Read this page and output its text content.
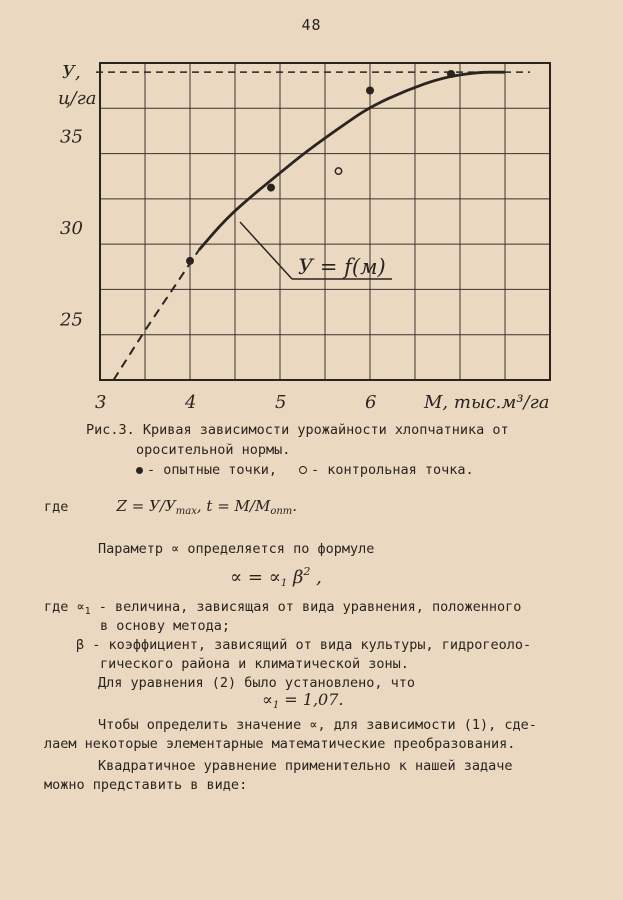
48
У = f(м)
3	4	5	6
25
30
35
У,
ц/га
М, тыс.м³/га
Рис.3. Кривая зависимости урожайности хлопчатника от

оросительной нормы.
- опытные точки,	- контрольная точка.
где	$Z = У/У_{max}$, $t = M/M_{опт}$.
Параметр ∝ определяется по формуле
∝ = $\propto_1$ $\beta^2$ ,
где $\propto_1$ - величина, зависящая от вида уравнения, положенного
в основу метода;
β - коэффициент, зависящий от вида культуры, гидрогеоло-
гического района и климатической зоны.
Для уравнения (2) было установлено, что
$\propto_1 = 1,07$.
Чтобы определить значение ∝, для зависимости (1), сде-
лаем некоторые элементарные математические преобразования.
Квадратичное уравнение применительно к нашей задаче
можно представить в виде:
